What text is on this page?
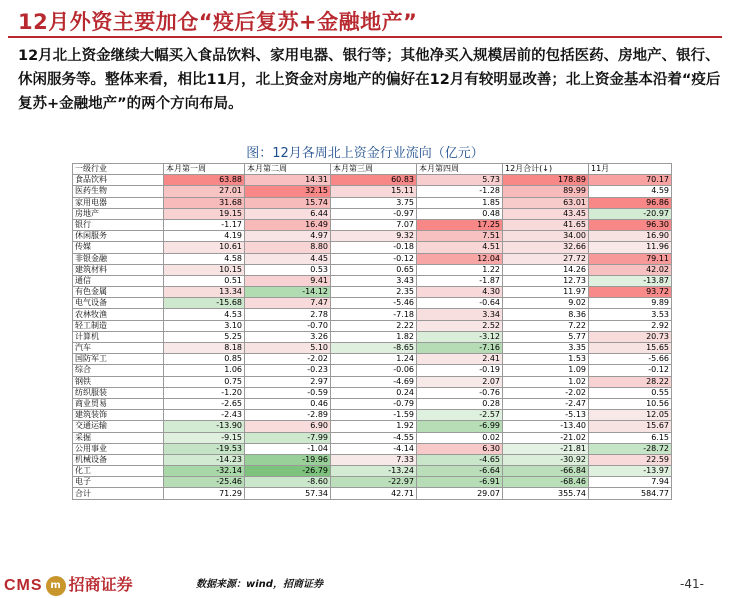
12月外资主要加仓“疫后复苏+金融地产”
12月北上资金继续大幅买入食品饮料、家用电器、银行等；其他净买入规模居前的包括医药、房地产、银行、休闲服务等。整体来看，相比11月，北上资金对房地产的偏好在12月有较明显改善；北上资金基本沿着“疫后复苏+金融地产”的两个方向布局。
图：12月各周北上资金行业流向（亿元）
一级行业	本月第一周	本月第二周	本月第三周	本月第四周	12月合计(↓)	11月
食品饮料	63.88	14.31	60.83	5.73	178.89	70.17
医药生物	27.01	32.15	15.11	-1.28	89.99	4.59
家用电器	31.68	15.74	3.75	1.85	63.01	96.86
房地产	19.15	6.44	-0.97	0.48	43.45	-20.97
银行	-1.17	16.49	7.07	17.25	41.65	96.30
休闲服务	4.19	4.97	9.32	7.51	34.00	16.90
传媒	10.61	8.80	-0.18	4.51	32.66	11.96
非银金融	4.58	4.45	-0.12	12.04	27.72	79.11
建筑材料	10.15	0.53	0.65	1.22	14.26	42.02
通信	0.51	9.41	3.43	-1.87	12.73	-13.87
有色金属	13.34	-14.12	2.35	4.30	11.97	93.72
电气设备	-15.68	7.47	-5.46	-0.64	9.02	9.89
农林牧渔	4.53	2.78	-7.18	3.34	8.36	3.53
轻工制造	3.10	-0.70	2.22	2.52	7.22	2.92
计算机	5.25	3.26	1.82	-3.12	5.77	20.73
汽车	8.18	5.10	-8.65	-7.16	3.35	15.65
国防军工	0.85	-2.02	1.24	2.41	1.53	-5.66
综合	1.06	-0.23	-0.06	-0.19	1.09	-0.12
钢铁	0.75	2.97	-4.69	2.07	1.02	28.22
纺织服装	-1.20	-0.59	0.24	-0.76	-2.02	0.55
商业贸易	-2.65	0.46	-0.79	0.28	-2.47	10.56
建筑装饰	-2.43	-2.89	-1.59	-2.57	-5.13	12.05
交通运输	-13.90	6.90	1.92	-6.99	-13.40	15.67
采掘	-9.15	-7.99	-4.55	0.02	-21.02	6.15
公用事业	-19.53	-1.04	-4.14	6.30	-21.81	-28.72
机械设备	-14.23	-19.96	7.33	-4.65	-30.92	22.59
化工	-32.14	-26.79	-13.24	-6.64	-66.84	-13.97
电子	-25.46	-8.60	-22.97	-6.91	-68.46	7.94
合计	71.29	57.34	42.71	29.07	355.74	584.77
CMS m 招商证券	数据来源：wind，招商证券	-41-
